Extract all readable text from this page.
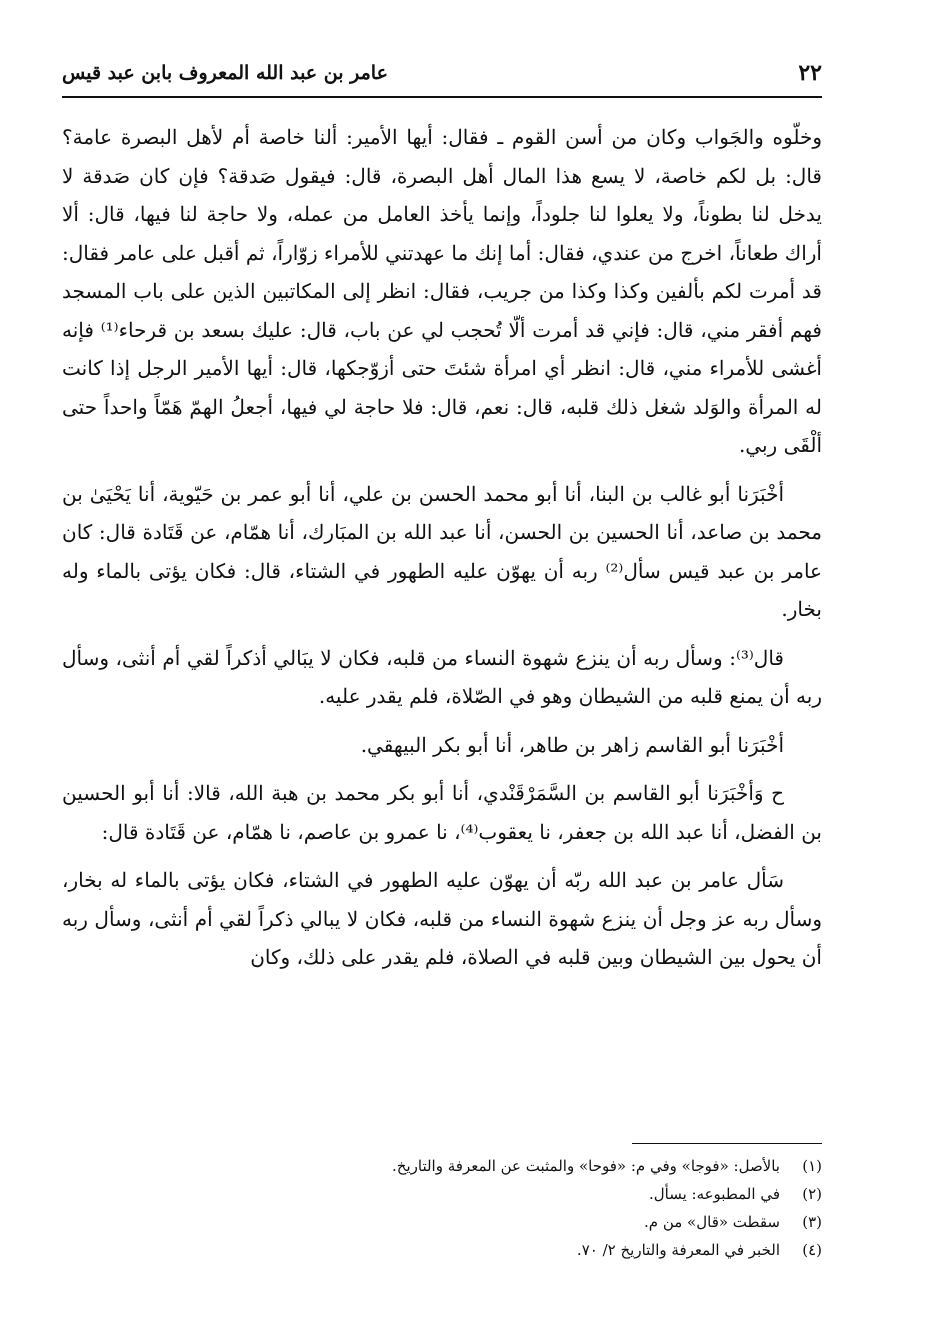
٢٢
عامر بن عبد الله المعروف بابن عبد قيس

وخلّوه والجَواب وكان من أسن القوم ـ فقال: أيها الأمير: ألنا خاصة أم لأهل البصرة عامة؟ قال: بل لكم خاصة، لا يسع هذا المال أهل البصرة، قال: فيقول صَدقة؟ فإن كان صَدقة لا يدخل لنا بطوناً، ولا يعلوا لنا جلوداً، وإنما يأخذ العامل من عمله، ولا حاجة لنا فيها، قال: ألا أراك طعاناً، اخرج من عندي، فقال: أما إنك ما عهدتني للأمراء زوّاراً، ثم أقبل على عامر فقال: قد أمرت لكم بألفين وكذا وكذا من جريب، فقال: انظر إلى المكاتبين الذين على باب المسجد فهم أفقر مني، قال: فإني قد أمرت ألّا تُحجب لي عن باب، قال: عليك بسعد بن قرحاء⁽¹⁾ فإنه أغشى للأمراء مني، قال: انظر أي امرأة شئتَ حتى أزوّجكها، قال: أيها الأمير الرجل إذا كانت له المرأة والوَلد شغل ذلك قلبه، قال: نعم، قال: فلا حاجة لي فيها، أجعلُ الهمّ هَمّاً واحداً حتى ألْقَى ربي.

أخْبَرَنا أبو غالب بن البنا، أنا أبو محمد الحسن بن علي، أنا أبو عمر بن حَيّوية، أنا يَحْيَىٰ بن محمد بن صاعد، أنا الحسين بن الحسن، أنا عبد الله بن المبَارك، أنا همّام، عن قَتَادة قال: كان عامر بن عبد قيس سأل⁽²⁾ ربه أن يهوّن عليه الطهور في الشتاء، قال: فكان يؤتى بالماء وله بخار.

قال⁽³⁾: وسأل ربه أن ينزع شهوة النساء من قلبه، فكان لا يبَالي أذكراً لقي أم أنثى، وسأل ربه أن يمنع قلبه من الشيطان وهو في الصّلاة، فلم يقدر عليه.

أخْبَرَنا أبو القاسم زاهر بن طاهر، أنا أبو بكر البيهقي.

ح وَأخْبَرَنا أبو القاسم بن السَّمَرْقَنْدي، أنا أبو بكر محمد بن هبة الله، قالا: أنا أبو الحسين بن الفضل، أنا عبد الله بن جعفر، نا يعقوب⁽⁴⁾، نا عمرو بن عاصم، نا همّام، عن قَتَادة قال:

سَأل عامر بن عبد الله ربّه أن يهوّن عليه الطهور في الشتاء، فكان يؤتى بالماء له بخار، وسأل ربه عز وجل أن ينزع شهوة النساء من قلبه، فكان لا يبالي ذكراً لقي أم أنثى، وسأل ربه أن يحول بين الشيطان وبين قلبه في الصلاة، فلم يقدر على ذلك، وكان

(١)
بالأصل: «فوجا» وفي م: «فوحا» والمثبت عن المعرفة والتاريخ.
(٢)
في المطبوعه: يسأل.
(٣)
سقطت «قال» من م.
(٤)
الخبر في المعرفة والتاريخ ٢/ ٧٠.
